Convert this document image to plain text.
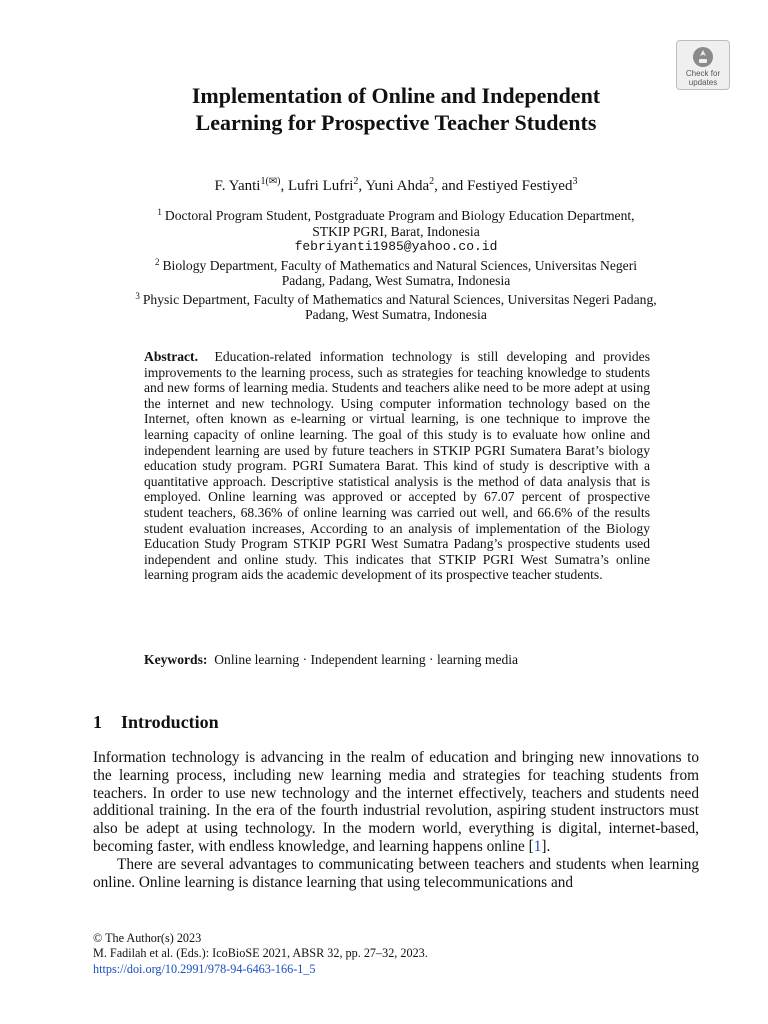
Check for
updates
Implementation of Online and Independent
Learning for Prospective Teacher Students
F. Yanti$^{1(✉)}$, Lufri Lufri$^2$, Yuni Ahda$^2$, and Festiyed Festiyed$^3$
$^1$ Doctoral Program Student, Postgraduate Program and Biology Education Department,
STKIP PGRI, Barat, Indonesia
febriyanti1985@yahoo.co.id
$^2$ Biology Department, Faculty of Mathematics and Natural Sciences, Universitas Negeri
Padang, Padang, West Sumatra, Indonesia
$^3$ Physic Department, Faculty of Mathematics and Natural Sciences, Universitas Negeri Padang,
Padang, West Sumatra, Indonesia

Abstract. Education-related information technology is still developing and provides improvements to the learning process, such as strategies for teaching knowledge to students and new forms of learning media. Students and teachers alike need to be more adept at using the internet and new technology. Using computer information technology based on the Internet, often known as e-learning or virtual learning, is one technique to improve the learning capacity of online learning. The goal of this study is to evaluate how online and independent learning are used by future teachers in STKIP PGRI Sumatera Barat’s biology education study program. PGRI Sumatera Barat. This kind of study is descriptive with a quantitative approach. Descriptive statistical analysis is the method of data analysis that is employed. Online learning was approved or accepted by 67.07 percent of prospective student teachers, 68.36% of online learning was carried out well, and 66.6% of the results student evaluation increases, According to an analysis of implementation of the Biology Education Study Program STKIP PGRI West Sumatra Padang’s prospective students used independent and online study. This indicates that STKIP PGRI West Sumatra’s online learning program aids the academic development of its prospective teacher students.

Keywords: Online learning · Independent learning · learning media
1 Introduction

Information technology is advancing in the realm of education and bringing new innovations to the learning process, including new learning media and strategies for teaching students from teachers. In order to use new technology and the internet effectively, teachers and students need additional training. In the era of the fourth industrial revolution, aspiring student instructors must also be adept at using technology. In the modern world, everything is digital, internet-based, becoming faster, with endless knowledge, and learning happens online [1].

There are several advantages to communicating between teachers and students when learning online. Online learning is distance learning that using telecommunications and

© The Author(s) 2023
M. Fadilah et al. (Eds.): IcoBioSE 2021, ABSR 32, pp. 27–32, 2023.
https://doi.org/10.2991/978-94-6463-166-1_5
